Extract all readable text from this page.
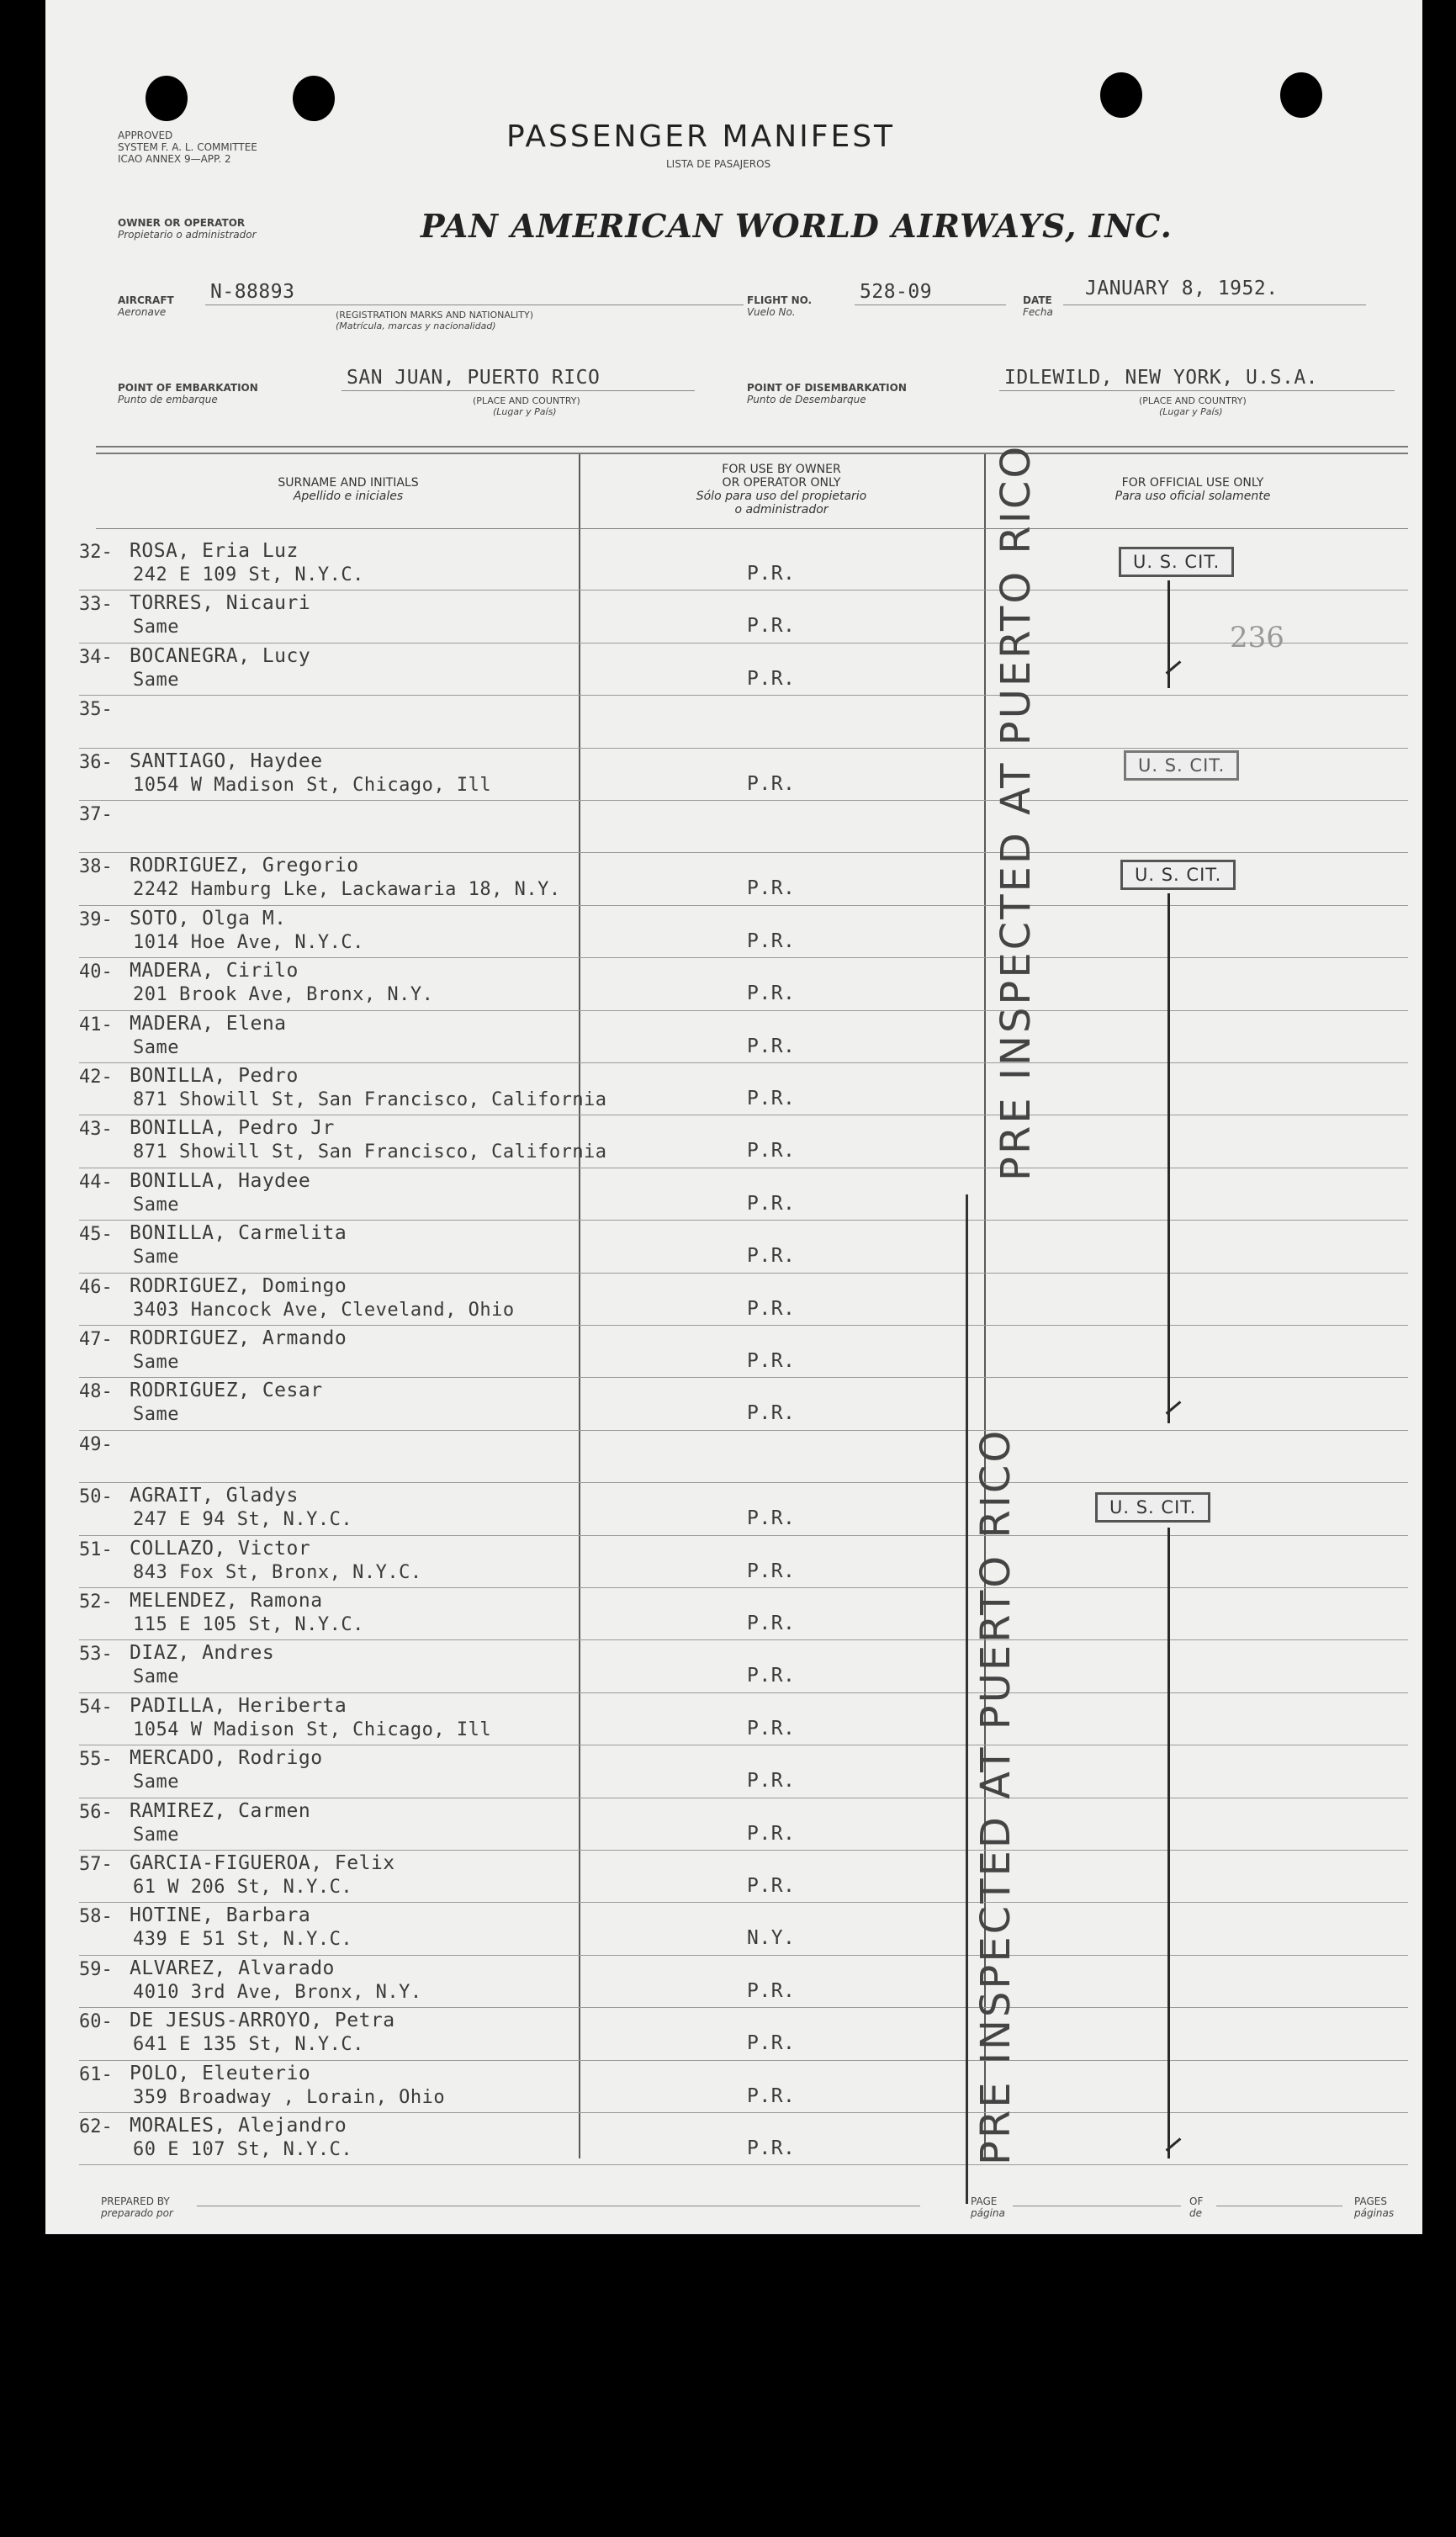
APPROVED
SYSTEM F. A. L. COMMITTEE
ICAO ANNEX 9—APP. 2
PASSENGER MANIFEST
LISTA DE PASAJEROS
OWNER OR OPERATOR
Propietario o administrador	PAN AMERICAN WORLD AIRWAYS, INC.
AIRCRAFT
Aeronave
N-88893
(REGISTRATION MARKS AND NATIONALITY)
(Matrícula, marcas y nacionalidad)
FLIGHT NO.
Vuelo No.
528-09	DATE
Fecha
JANUARY 8, 1952.
POINT OF EMBARKATION
Punto de embarque
SAN JUAN, PUERTO RICO
(PLACE AND COUNTRY)
(Lugar y País)
POINT OF DISEMBARKATION
Punto de Desembarque
IDLEWILD, NEW YORK, U.S.A.
(PLACE AND COUNTRY)
(Lugar y País)
SURNAME AND INITIALS
Apellido e iniciales
FOR USE BY OWNER
OR OPERATOR ONLY
Sólo para uso del propietario
o administrador
FOR OFFICIAL USE ONLY
Para uso oficial solamente
32- ROSA, Eria Luz
242 E 109 St, N.Y.C.	P.R.
33- TORRES, Nicauri
Same	P.R.
34- BOCANEGRA, Lucy
Same	P.R.
35-
36- SANTIAGO, Haydee
1054 W Madison St, Chicago, Ill	P.R.
37-
38- RODRIGUEZ, Gregorio
2242 Hamburg Lke, Lackawaria 18, N.Y.	P.R.
39- SOTO, Olga M.
1014 Hoe Ave, N.Y.C.	P.R.
40- MADERA, Cirilo
201 Brook Ave, Bronx, N.Y.	P.R.
41- MADERA, Elena
Same	P.R.
42- BONILLA, Pedro
871 Showill St, San Francisco, California	P.R.
43- BONILLA, Pedro Jr
871 Showill St, San Francisco, California	P.R.
44- BONILLA, Haydee
Same	P.R.
45- BONILLA, Carmelita
Same	P.R.
46- RODRIGUEZ, Domingo
3403 Hancock Ave, Cleveland, Ohio	P.R.
47- RODRIGUEZ, Armando
Same	P.R.
48- RODRIGUEZ, Cesar
Same	P.R.
49-
50- AGRAIT, Gladys
247 E 94 St, N.Y.C.	P.R.
51- COLLAZO, Victor
843 Fox St, Bronx, N.Y.C.	P.R.
52- MELENDEZ, Ramona
115 E 105 St, N.Y.C.	P.R.
53- DIAZ, Andres
Same	P.R.
54- PADILLA, Heriberta
1054 W Madison St, Chicago, Ill	P.R.
55- MERCADO, Rodrigo
Same	P.R.
56- RAMIREZ, Carmen
Same	P.R.
57- GARCIA-FIGUEROA, Felix
61 W 206 St, N.Y.C.	P.R.
58- HOTINE, Barbara
439 E 51 St, N.Y.C.	N.Y.
59- ALVAREZ, Alvarado
4010 3rd Ave, Bronx, N.Y.	P.R.
60- DE JESUS-ARROYO, Petra
641 E 135 St, N.Y.C.	P.R.
61- POLO, Eleuterio
359 Broadway , Lorain, Ohio	P.R.
62- MORALES, Alejandro
60 E 107 St, N.Y.C.	P.R.
PRE INSPECTED AT PUERTO RICO
PRE INSPECTED AT PUERTO RICO
U. S. CIT.
U. S. CIT.
U. S. CIT.
U. S. CIT.
236
PREPARED BY
preparado por
PAGE
página
OF
de
PAGES
páginas
